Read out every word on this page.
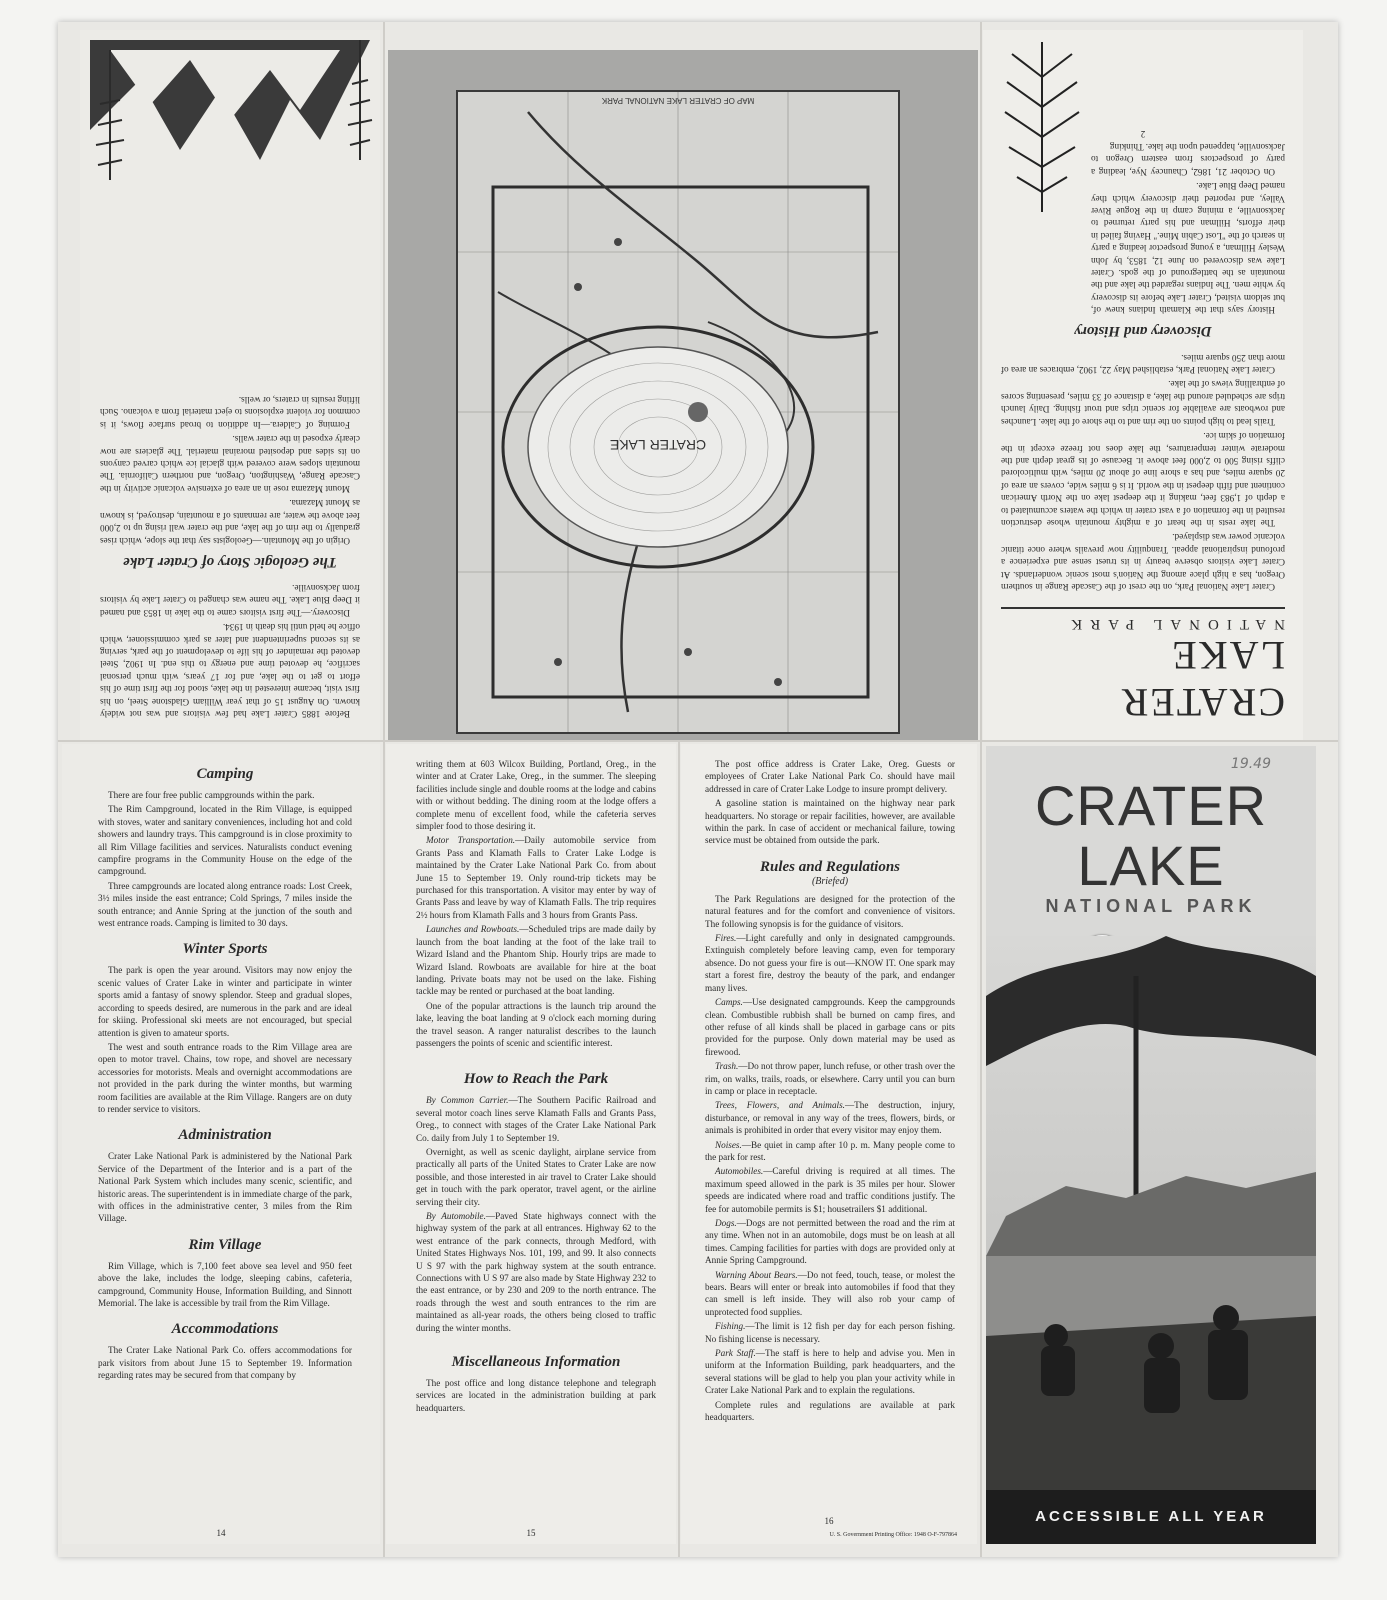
Before 1885 Crater Lake had few visitors and was not widely known. On August 15 of that year William Gladstone Steel, on his first visit, became interested in the lake, stood for the first time of his effort to get to the lake, and for 17 years, with much personal sacrifice, he devoted time and energy to this end. In 1902, Steel devoted the remainder of his life to development of the park, serving as its second superintendent and later as park commissioner, which office he held until his death in 1934.

Discovery.—The first visitors came to the lake in 1853 and named it Deep Blue Lake. The name was changed to Crater Lake by visitors from Jacksonville.

The Geologic Story of Crater Lake

Origin of the Mountain.—Geologists say that the slope, which rises gradually to the rim of the lake, and the crater wall rising up to 2,000 feet above the water, are remnants of a mountain, destroyed, is known as Mount Mazama.

Mount Mazama rose in an area of extensive volcanic activity in the Cascade Range, Washington, Oregon, and northern California. The mountain slopes were covered with glacial ice which carved canyons on its sides and deposited morainal material. The glaciers are now clearly exposed in the crater walls.

Forming of Caldera.—In addition to broad surface flows, it is common for violent explosions to eject material from a volcano. Such lifting results in craters, or wells.

CRATER LAKE
MAP OF CRATER LAKE NATIONAL PARK
CRATER LAKE
NATIONAL PARK

Crater Lake National Park, on the crest of the Cascade Range in southern Oregon, has a high place among the Nation's most scenic wonderlands. At Crater Lake visitors observe beauty in its truest sense and experience a profound inspirational appeal. Tranquility now prevails where once titanic volcanic power was displayed.

The lake rests in the heart of a mighty mountain whose destruction resulted in the formation of a vast crater in which the waters accumulated to a depth of 1,983 feet, making it the deepest lake on the North American continent and fifth deepest in the world. It is 6 miles wide, covers an area of 20 square miles, and has a shore line of about 20 miles, with multicolored cliffs rising 500 to 2,000 feet above it. Because of its great depth and the moderate winter temperatures, the lake does not freeze except in the formation of skim ice.

Trails lead to high points on the rim and to the shore of the lake. Launches and rowboats are available for scenic trips and trout fishing. Daily launch trips are scheduled around the lake, a distance of 33 miles, presenting scores of enthralling views of the lake.

Crater Lake National Park, established May 22, 1902, embraces an area of more than 250 square miles.

Discovery and History

History says that the Klamath Indians knew of, but seldom visited, Crater Lake before its discovery by white men. The Indians regarded the lake and the mountain as the battleground of the gods. Crater Lake was discovered on June 12, 1853, by John Wesley Hillman, a young prospector leading a party in search of the "Lost Cabin Mine." Having failed in their efforts, Hillman and his party returned to Jacksonville, a mining camp in the Rogue River Valley, and reported their discovery which they named Deep Blue Lake.

On October 21, 1862, Chauncey Nye, leading a party of prospectors from eastern Oregon to Jacksonville, happened upon the lake. Thinking

2
Camping

There are four free public campgrounds within the park.

The Rim Campground, located in the Rim Village, is equipped with stoves, water and sanitary conveniences, including hot and cold showers and laundry trays. This campground is in close proximity to all Rim Village facilities and services. Naturalists conduct evening campfire programs in the Community House on the edge of the campground.

Three campgrounds are located along entrance roads: Lost Creek, 3½ miles inside the east entrance; Cold Springs, 7 miles inside the south entrance; and Annie Spring at the junction of the south and west entrance roads. Camping is limited to 30 days.

Winter Sports

The park is open the year around. Visitors may now enjoy the scenic values of Crater Lake in winter and participate in winter sports amid a fantasy of snowy splendor. Steep and gradual slopes, according to speeds desired, are numerous in the park and are ideal for skiing. Professional ski meets are not encouraged, but special attention is given to amateur sports.

The west and south entrance roads to the Rim Village area are open to motor travel. Chains, tow rope, and shovel are necessary accessories for motorists. Meals and overnight accommodations are not provided in the park during the winter months, but warming room facilities are available at the Rim Village. Rangers are on duty to render service to visitors.

Administration

Crater Lake National Park is administered by the National Park Service of the Department of the Interior and is a part of the National Park System which includes many scenic, scientific, and historic areas. The superintendent is in immediate charge of the park, with offices in the administrative center, 3 miles from the Rim Village.

Rim Village

Rim Village, which is 7,100 feet above sea level and 950 feet above the lake, includes the lodge, sleeping cabins, cafeteria, campground, Community House, Information Building, and Sinnott Memorial. The lake is accessible by trail from the Rim Village.

Accommodations

The Crater Lake National Park Co. offers accommodations for park visitors from about June 15 to September 19. Information regarding rates may be secured from that company by

14

writing them at 603 Wilcox Building, Portland, Oreg., in the winter and at Crater Lake, Oreg., in the summer. The sleeping facilities include single and double rooms at the lodge and cabins with or without bedding. The dining room at the lodge offers a complete menu of excellent food, while the cafeteria serves simpler food to those desiring it.

Motor Transportation.—Daily automobile service from Grants Pass and Klamath Falls to Crater Lake Lodge is maintained by the Crater Lake National Park Co. from about June 15 to September 19. Only round-trip tickets may be purchased for this transportation. A visitor may enter by way of Grants Pass and leave by way of Klamath Falls. The trip requires 2½ hours from Klamath Falls and 3 hours from Grants Pass.

Launches and Rowboats.—Scheduled trips are made daily by launch from the boat landing at the foot of the lake trail to Wizard Island and the Phantom Ship. Hourly trips are made to Wizard Island. Rowboats are available for hire at the boat landing. Private boats may not be used on the lake. Fishing tackle may be rented or purchased at the boat landing.

One of the popular attractions is the launch trip around the lake, leaving the boat landing at 9 o'clock each morning during the travel season. A ranger naturalist describes to the launch passengers the points of scenic and scientific interest.

How to Reach the Park

By Common Carrier.—The Southern Pacific Railroad and several motor coach lines serve Klamath Falls and Grants Pass, Oreg., to connect with stages of the Crater Lake National Park Co. daily from July 1 to September 19.

Overnight, as well as scenic daylight, airplane service from practically all parts of the United States to Crater Lake are now possible, and those interested in air travel to Crater Lake should get in touch with the park operator, travel agent, or the airline serving their city.

By Automobile.—Paved State highways connect with the highway system of the park at all entrances. Highway 62 to the west entrance of the park connects, through Medford, with United States Highways Nos. 101, 199, and 99. It also connects U S 97 with the park highway system at the south entrance. Connections with U S 97 are also made by State Highway 232 to the east entrance, or by 230 and 209 to the north entrance. The roads through the west and south entrances to the rim are maintained as all-year roads, the others being closed to traffic during the winter months.

Miscellaneous Information

The post office and long distance telephone and telegraph services are located in the administration building at park headquarters.

15

The post office address is Crater Lake, Oreg. Guests or employees of Crater Lake National Park Co. should have mail addressed in care of Crater Lake Lodge to insure prompt delivery.

A gasoline station is maintained on the highway near park headquarters. No storage or repair facilities, however, are available within the park. In case of accident or mechanical failure, towing service must be obtained from outside the park.

Rules and Regulations
(Briefed)

The Park Regulations are designed for the protection of the natural features and for the comfort and convenience of visitors. The following synopsis is for the guidance of visitors.

Fires.—Light carefully and only in designated campgrounds. Extinguish completely before leaving camp, even for temporary absence. Do not guess your fire is out—KNOW IT. One spark may start a forest fire, destroy the beauty of the park, and endanger many lives.

Camps.—Use designated campgrounds. Keep the campgrounds clean. Combustible rubbish shall be burned on camp fires, and other refuse of all kinds shall be placed in garbage cans or pits provided for the purpose. Only down material may be used as firewood.

Trash.—Do not throw paper, lunch refuse, or other trash over the rim, on walks, trails, roads, or elsewhere. Carry until you can burn in camp or place in receptacle.

Trees, Flowers, and Animals.—The destruction, injury, disturbance, or removal in any way of the trees, flowers, birds, or animals is prohibited in order that every visitor may enjoy them.

Noises.—Be quiet in camp after 10 p. m. Many people come to the park for rest.

Automobiles.—Careful driving is required at all times. The maximum speed allowed in the park is 35 miles per hour. Slower speeds are indicated where road and traffic conditions justify. The fee for automobile permits is $1; housetrailers $1 additional.

Dogs.—Dogs are not permitted between the road and the rim at any time. When not in an automobile, dogs must be on leash at all times. Camping facilities for parties with dogs are provided only at Annie Spring Campground.

Warning About Bears.—Do not feed, touch, tease, or molest the bears. Bears will enter or break into automobiles if food that they can smell is left inside. They will also rob your camp of unprotected food supplies.

Fishing.—The limit is 12 fish per day for each person fishing. No fishing license is necessary.

Park Staff.—The staff is here to help and advise you. Men in uniform at the Information Building, park headquarters, and the several stations will be glad to help you plan your activity while in Crater Lake National Park and to explain the regulations.

Complete rules and regulations are available at park headquarters.

16
U. S. Government Printing Office: 1948 O-F-797864
19.49
CRATER LAKE
NATIONAL PARK
ACCESSIBLE ALL YEAR
